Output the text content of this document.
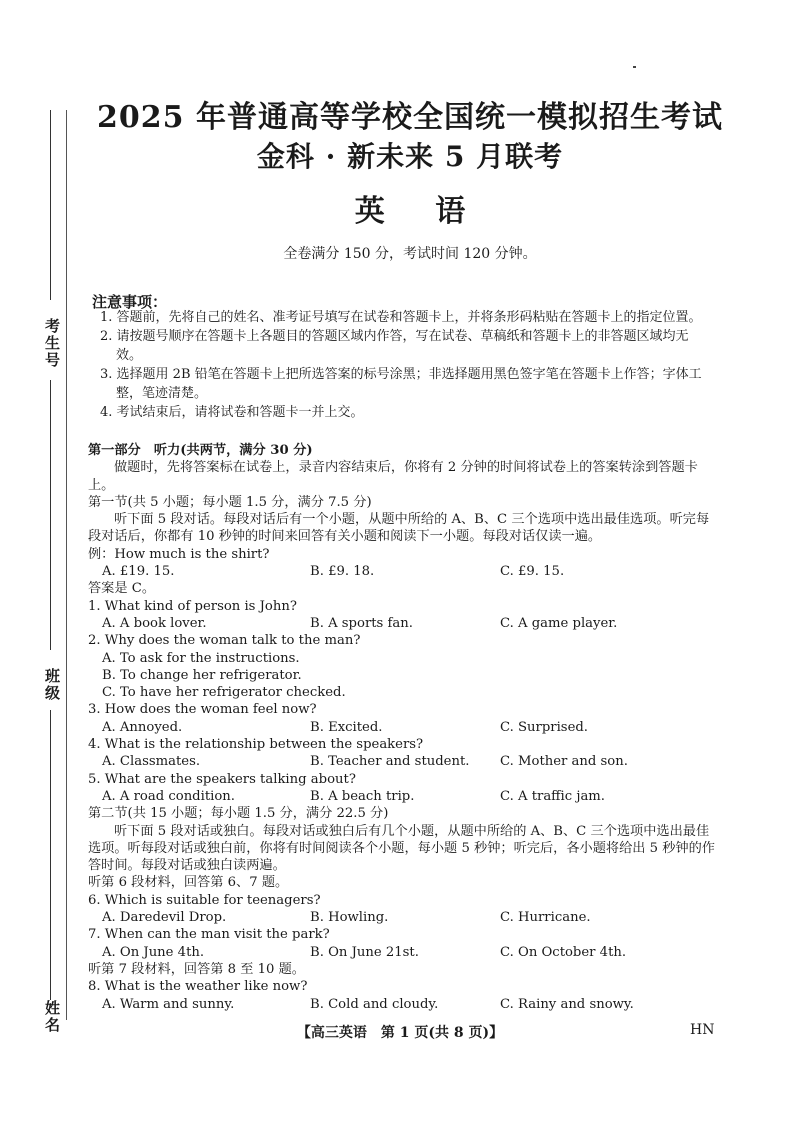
考生号
班级
姓名
2025 年普通高等学校全国统一模拟招生考试
金科 · 新未来 5 月联考
英 语
全卷满分 150 分，考试时间 120 分钟。
注意事项：

1. 答题前，先将自己的姓名、准考证号填写在试卷和答题卡上，并将条形码粘贴在答题卡上的指定位置。

2. 请按题号顺序在答题卡上各题目的答题区域内作答，写在试卷、草稿纸和答题卡上的非答题区域均无效。

3. 选择题用 2B 铅笔在答题卡上把所选答案的标号涂黑；非选择题用黑色签字笔在答题卡上作答；字体工整，笔迹清楚。

4. 考试结束后，请将试卷和答题卡一并上交。

第一部分　听力(共两节，满分 30 分)

做题时，先将答案标在试卷上，录音内容结束后，你将有 2 分钟的时间将试卷上的答案转涂到答题卡上。

第一节(共 5 小题；每小题 1.5 分，满分 7.5 分)

听下面 5 段对话。每段对话后有一个小题，从题中所给的 A、B、C 三个选项中选出最佳选项。听完每段对话后，你都有 10 秒钟的时间来回答有关小题和阅读下一小题。每段对话仅读一遍。

例：How much is the shirt?

A. £19. 15.	B. £9. 18.	C. £9. 15.

答案是 C。

1. What kind of person is John?

A. A book lover.	B. A sports fan.	C. A game player.

2. Why does the woman talk to the man?

A. To ask for the instructions.

B. To change her refrigerator.

C. To have her refrigerator checked.

3. How does the woman feel now?

A. Annoyed.	B. Excited.	C. Surprised.

4. What is the relationship between the speakers?

A. Classmates.	B. Teacher and student. C. Mother and son.

5. What are the speakers talking about?

A. A road condition.	B. A beach trip.	C. A traffic jam.

第二节(共 15 小题；每小题 1.5 分，满分 22.5 分)

听下面 5 段对话或独白。每段对话或独白后有几个小题，从题中所给的 A、B、C 三个选项中选出最佳选项。听每段对话或独白前，你将有时间阅读各个小题，每小题 5 秒钟；听完后，各小题将给出 5 秒钟的作答时间。每段对话或独白读两遍。

听第 6 段材料，回答第 6、7 题。

6. Which is suitable for teenagers?

A. Daredevil Drop.	B. Howling.	C. Hurricane.

7. When can the man visit the park?

A. On June 4th.	B. On June 21st.	C. On October 4th.

听第 7 段材料，回答第 8 至 10 题。

8. What is the weather like now?

A. Warm and sunny.	B. Cold and cloudy.	C. Rainy and snowy.
【高三英语　第 1 页(共 8 页)】	HN
